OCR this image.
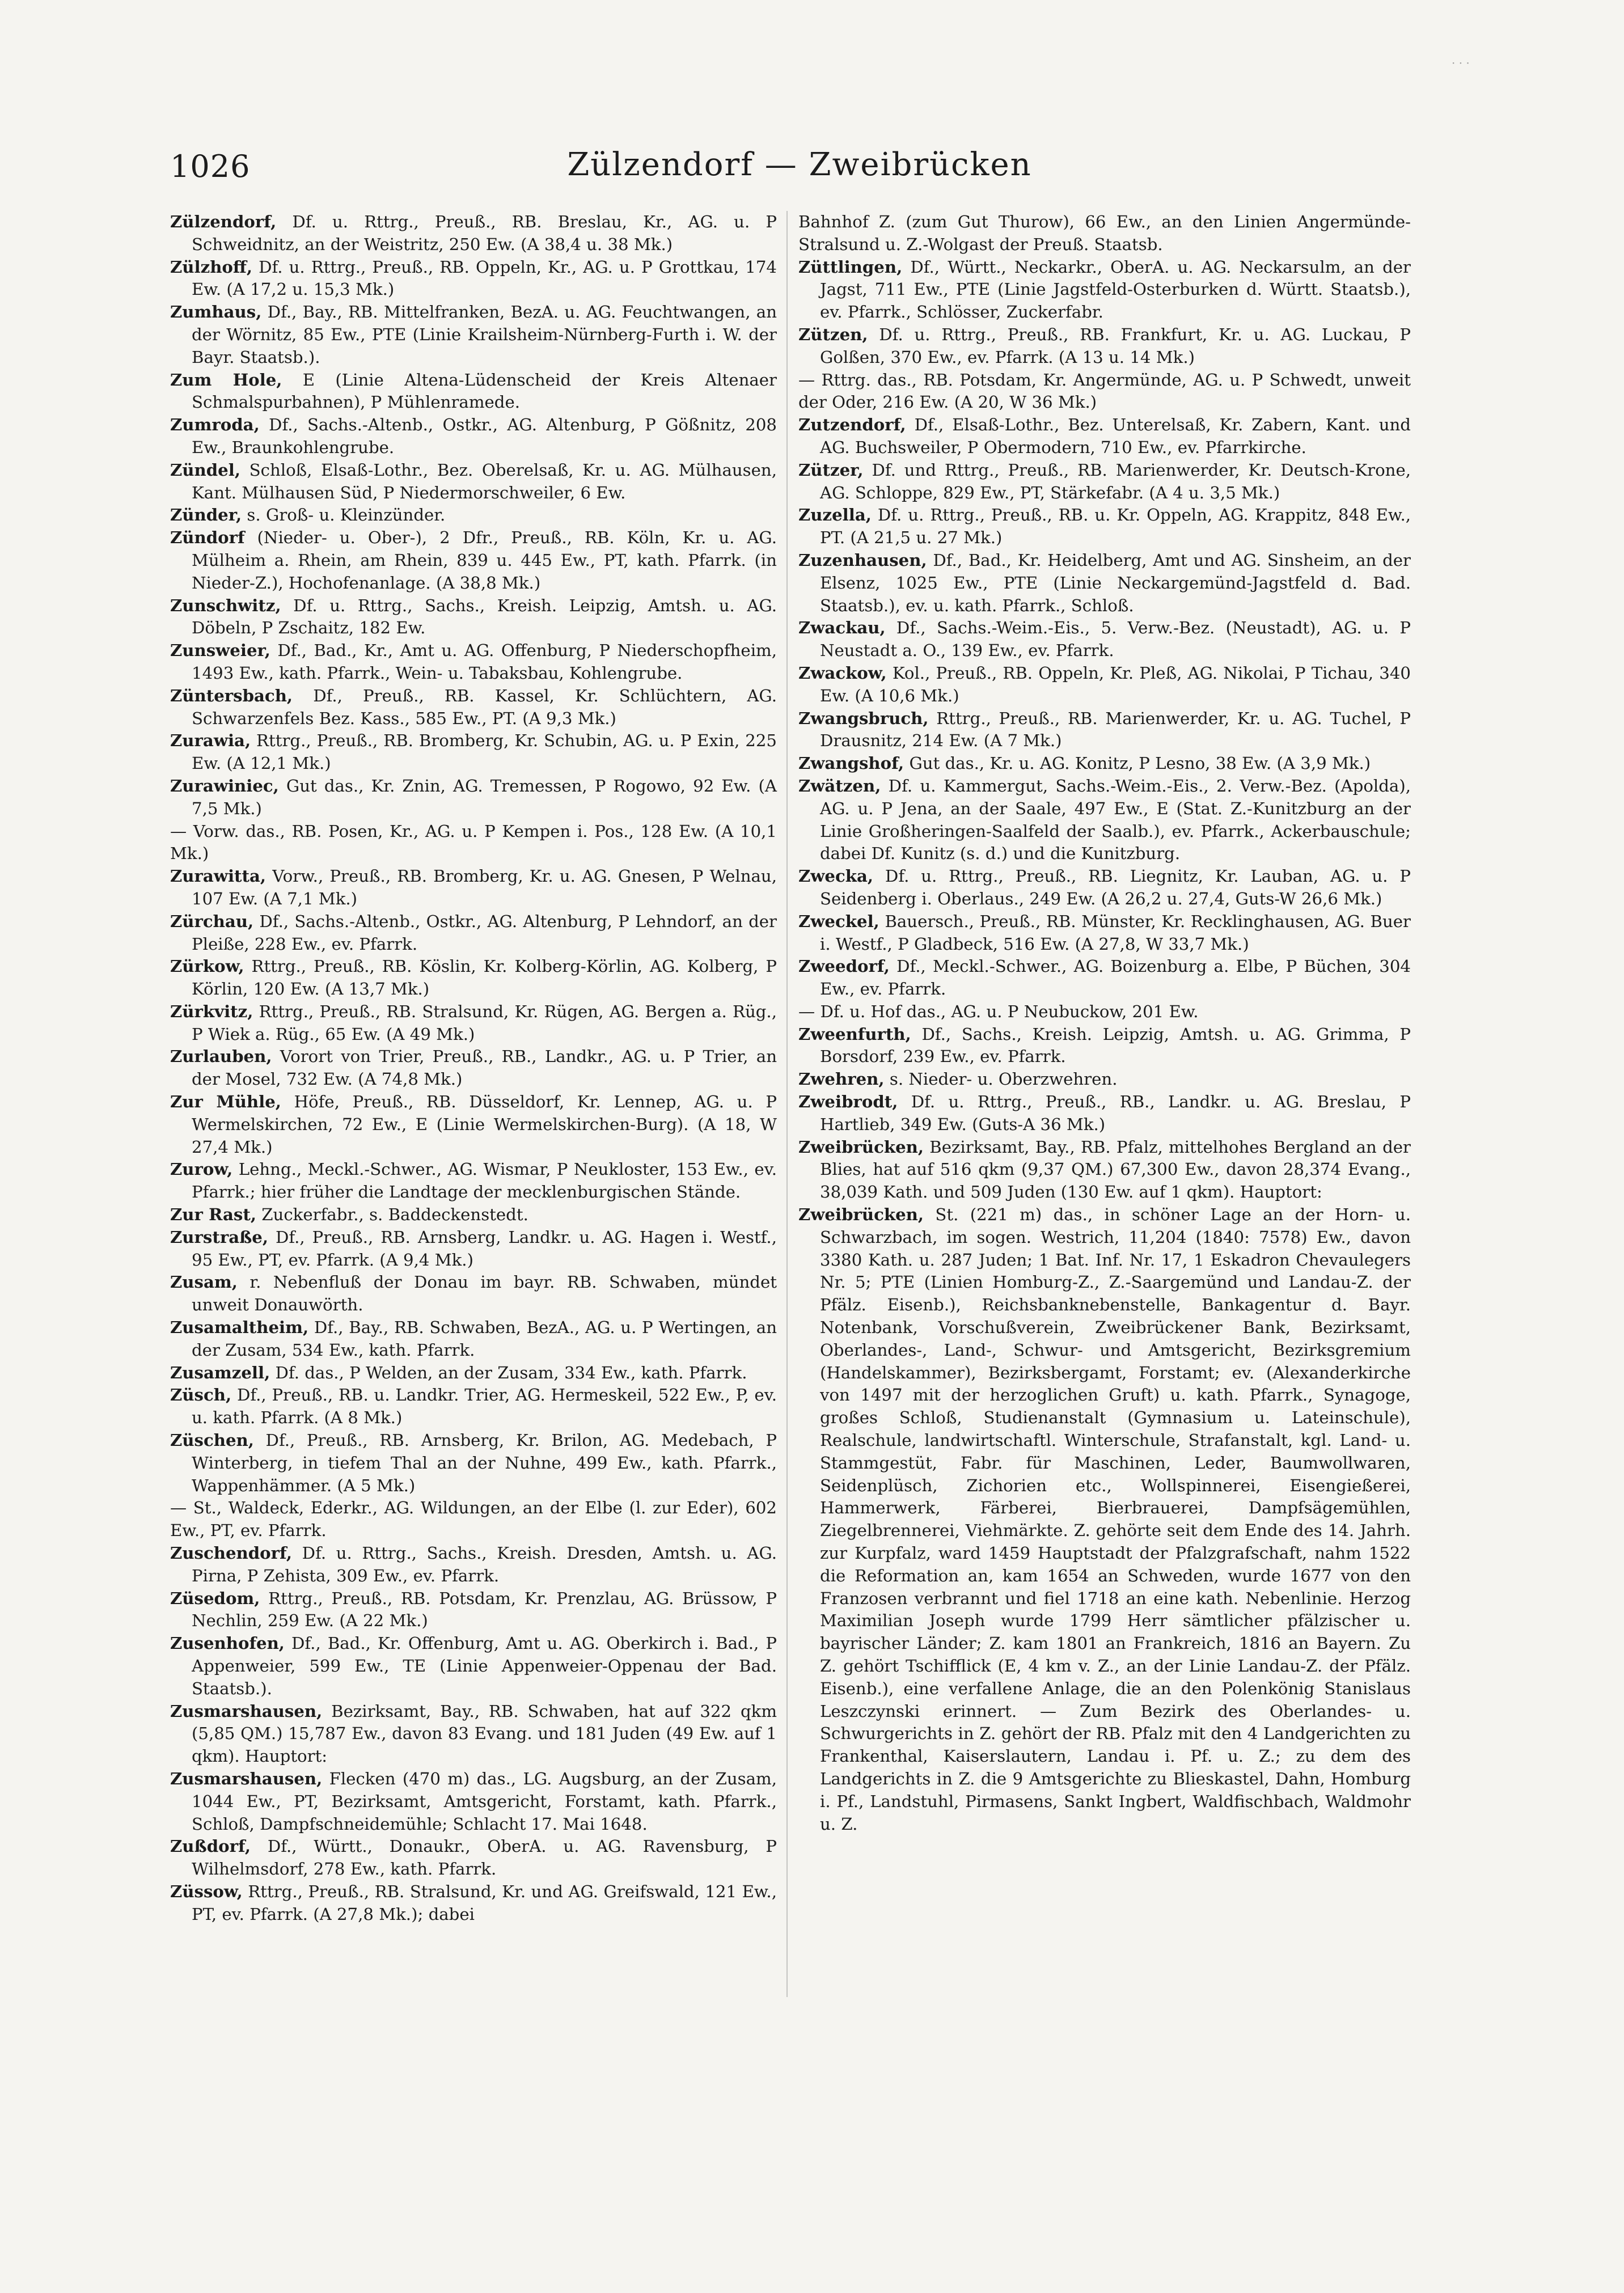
1026	Zülzendorf — Zweibrücken
· · ·

Zülzendorf, Df. u. Rttrg., Preuß., RB. Breslau, Kr., AG. u. P Schweidnitz, an der Weistritz, 250 Ew. (A 38,4 u. 38 Mk.)

Zülzhoff, Df. u. Rttrg., Preuß., RB. Oppeln, Kr., AG. u. P Grottkau, 174 Ew. (A 17,2 u. 15,3 Mk.)

Zumhaus, Df., Bay., RB. Mittelfranken, BezA. u. AG. Feuchtwangen, an der Wörnitz, 85 Ew., PTE (Linie Krailsheim-Nürnberg-Furth i. W. der Bayr. Staatsb.).

Zum Hole, E (Linie Altena-Lüdenscheid der Kreis Altenaer Schmalspurbahnen), P Mühlenramede.

Zumroda, Df., Sachs.-Altenb., Ostkr., AG. Altenburg, P Gößnitz, 208 Ew., Braunkohlengrube.

Zündel, Schloß, Elsaß-Lothr., Bez. Oberelsaß, Kr. u. AG. Mülhausen, Kant. Mülhausen Süd, P Niedermorschweiler, 6 Ew.

Zünder, s. Groß- u. Kleinzünder.

Zündorf (Nieder- u. Ober-), 2 Dfr., Preuß., RB. Köln, Kr. u. AG. Mülheim a. Rhein, am Rhein, 839 u. 445 Ew., PT, kath. Pfarrk. (in Nieder-Z.), Hochofenanlage. (A 38,8 Mk.)

Zunschwitz, Df. u. Rttrg., Sachs., Kreish. Leipzig, Amtsh. u. AG. Döbeln, P Zschaitz, 182 Ew.

Zunsweier, Df., Bad., Kr., Amt u. AG. Offenburg, P Niederschopfheim, 1493 Ew., kath. Pfarrk., Wein- u. Tabaksbau, Kohlengrube.

Züntersbach, Df., Preuß., RB. Kassel, Kr. Schlüchtern, AG. Schwarzenfels Bez. Kass., 585 Ew., PT. (A 9,3 Mk.)

Zurawia, Rttrg., Preuß., RB. Bromberg, Kr. Schubin, AG. u. P Exin, 225 Ew. (A 12,1 Mk.)

Zurawiniec, Gut das., Kr. Znin, AG. Tremessen, P Rogowo, 92 Ew. (A 7,5 Mk.)

— Vorw. das., RB. Posen, Kr., AG. u. P Kempen i. Pos., 128 Ew. (A 10,1 Mk.)

Zurawitta, Vorw., Preuß., RB. Bromberg, Kr. u. AG. Gnesen, P Welnau, 107 Ew. (A 7,1 Mk.)

Zürchau, Df., Sachs.-Altenb., Ostkr., AG. Altenburg, P Lehndorf, an der Pleiße, 228 Ew., ev. Pfarrk.

Zürkow, Rttrg., Preuß., RB. Köslin, Kr. Kolberg-Körlin, AG. Kolberg, P Körlin, 120 Ew. (A 13,7 Mk.)

Zürkvitz, Rttrg., Preuß., RB. Stralsund, Kr. Rügen, AG. Bergen a. Rüg., P Wiek a. Rüg., 65 Ew. (A 49 Mk.)

Zurlauben, Vorort von Trier, Preuß., RB., Landkr., AG. u. P Trier, an der Mosel, 732 Ew. (A 74,8 Mk.)

Zur Mühle, Höfe, Preuß., RB. Düsseldorf, Kr. Lennep, AG. u. P Wermelskirchen, 72 Ew., E (Linie Wermelskirchen-Burg). (A 18, W 27,4 Mk.)

Zurow, Lehng., Meckl.-Schwer., AG. Wismar, P Neukloster, 153 Ew., ev. Pfarrk.; hier früher die Landtage der mecklenburgischen Stände.

Zur Rast, Zuckerfabr., s. Baddeckenstedt.

Zurstraße, Df., Preuß., RB. Arnsberg, Landkr. u. AG. Hagen i. Westf., 95 Ew., PT, ev. Pfarrk. (A 9,4 Mk.)

Zusam, r. Nebenfluß der Donau im bayr. RB. Schwaben, mündet unweit Donauwörth.

Zusamaltheim, Df., Bay., RB. Schwaben, BezA., AG. u. P Wertingen, an der Zusam, 534 Ew., kath. Pfarrk.

Zusamzell, Df. das., P Welden, an der Zusam, 334 Ew., kath. Pfarrk.

Züsch, Df., Preuß., RB. u. Landkr. Trier, AG. Hermeskeil, 522 Ew., P, ev. u. kath. Pfarrk. (A 8 Mk.)

Züschen, Df., Preuß., RB. Arnsberg, Kr. Brilon, AG. Medebach, P Winterberg, in tiefem Thal an der Nuhne, 499 Ew., kath. Pfarrk., Wappenhämmer. (A 5 Mk.)

— St., Waldeck, Ederkr., AG. Wildungen, an der Elbe (l. zur Eder), 602 Ew., PT, ev. Pfarrk.

Zuschendorf, Df. u. Rttrg., Sachs., Kreish. Dresden, Amtsh. u. AG. Pirna, P Zehista, 309 Ew., ev. Pfarrk.

Züsedom, Rttrg., Preuß., RB. Potsdam, Kr. Prenzlau, AG. Brüssow, P Nechlin, 259 Ew. (A 22 Mk.)

Zusenhofen, Df., Bad., Kr. Offenburg, Amt u. AG. Oberkirch i. Bad., P Appenweier, 599 Ew., TE (Linie Appenweier-Oppenau der Bad. Staatsb.).

Zusmarshausen, Bezirksamt, Bay., RB. Schwaben, hat auf 322 qkm (5,85 QM.) 15,787 Ew., davon 83 Evang. und 181 Juden (49 Ew. auf 1 qkm). Hauptort:

Zusmarshausen, Flecken (470 m) das., LG. Augsburg, an der Zusam, 1044 Ew., PT, Bezirksamt, Amtsgericht, Forstamt, kath. Pfarrk., Schloß, Dampfschneidemühle; Schlacht 17. Mai 1648.

Zußdorf, Df., Württ., Donaukr., OberA. u. AG. Ravensburg, P Wilhelmsdorf, 278 Ew., kath. Pfarrk.

Züssow, Rttrg., Preuß., RB. Stralsund, Kr. und AG. Greifswald, 121 Ew., PT, ev. Pfarrk. (A 27,8 Mk.); dabei

Bahnhof Z. (zum Gut Thurow), 66 Ew., an den Linien Angermünde-Stralsund u. Z.-Wolgast der Preuß. Staatsb.

Züttlingen, Df., Württ., Neckarkr., OberA. u. AG. Neckarsulm, an der Jagst, 711 Ew., PTE (Linie Jagstfeld-Osterburken d. Württ. Staatsb.), ev. Pfarrk., Schlösser, Zuckerfabr.

Zützen, Df. u. Rttrg., Preuß., RB. Frankfurt, Kr. u. AG. Luckau, P Golßen, 370 Ew., ev. Pfarrk. (A 13 u. 14 Mk.)

— Rttrg. das., RB. Potsdam, Kr. Angermünde, AG. u. P Schwedt, unweit der Oder, 216 Ew. (A 20, W 36 Mk.)

Zutzendorf, Df., Elsaß-Lothr., Bez. Unterelsaß, Kr. Zabern, Kant. und AG. Buchsweiler, P Obermodern, 710 Ew., ev. Pfarrkirche.

Zützer, Df. und Rttrg., Preuß., RB. Marienwerder, Kr. Deutsch-Krone, AG. Schloppe, 829 Ew., PT, Stärkefabr. (A 4 u. 3,5 Mk.)

Zuzella, Df. u. Rttrg., Preuß., RB. u. Kr. Oppeln, AG. Krappitz, 848 Ew., PT. (A 21,5 u. 27 Mk.)

Zuzenhausen, Df., Bad., Kr. Heidelberg, Amt und AG. Sinsheim, an der Elsenz, 1025 Ew., PTE (Linie Neckargemünd-Jagstfeld d. Bad. Staatsb.), ev. u. kath. Pfarrk., Schloß.

Zwackau, Df., Sachs.-Weim.-Eis., 5. Verw.-Bez. (Neustadt), AG. u. P Neustadt a. O., 139 Ew., ev. Pfarrk.

Zwackow, Kol., Preuß., RB. Oppeln, Kr. Pleß, AG. Nikolai, P Tichau, 340 Ew. (A 10,6 Mk.)

Zwangsbruch, Rttrg., Preuß., RB. Marienwerder, Kr. u. AG. Tuchel, P Drausnitz, 214 Ew. (A 7 Mk.)

Zwangshof, Gut das., Kr. u. AG. Konitz, P Lesno, 38 Ew. (A 3,9 Mk.)

Zwätzen, Df. u. Kammergut, Sachs.-Weim.-Eis., 2. Verw.-Bez. (Apolda), AG. u. P Jena, an der Saale, 497 Ew., E (Stat. Z.-Kunitzburg an der Linie Großheringen-Saalfeld der Saalb.), ev. Pfarrk., Ackerbauschule; dabei Df. Kunitz (s. d.) und die Kunitzburg.

Zwecka, Df. u. Rttrg., Preuß., RB. Liegnitz, Kr. Lauban, AG. u. P Seidenberg i. Oberlaus., 249 Ew. (A 26,2 u. 27,4, Guts-W 26,6 Mk.)

Zweckel, Bauersch., Preuß., RB. Münster, Kr. Recklinghausen, AG. Buer i. Westf., P Gladbeck, 516 Ew. (A 27,8, W 33,7 Mk.)

Zweedorf, Df., Meckl.-Schwer., AG. Boizenburg a. Elbe, P Büchen, 304 Ew., ev. Pfarrk.

— Df. u. Hof das., AG. u. P Neubuckow, 201 Ew.

Zweenfurth, Df., Sachs., Kreish. Leipzig, Amtsh. u. AG. Grimma, P Borsdorf, 239 Ew., ev. Pfarrk.

Zwehren, s. Nieder- u. Oberzwehren.

Zweibrodt, Df. u. Rttrg., Preuß., RB., Landkr. u. AG. Breslau, P Hartlieb, 349 Ew. (Guts-A 36 Mk.)

Zweibrücken, Bezirksamt, Bay., RB. Pfalz, mittelhohes Bergland an der Blies, hat auf 516 qkm (9,37 QM.) 67,300 Ew., davon 28,374 Evang., 38,039 Kath. und 509 Juden (130 Ew. auf 1 qkm). Hauptort:

Zweibrücken, St. (221 m) das., in schöner Lage an der Horn- u. Schwarzbach, im sogen. Westrich, 11,204 (1840: 7578) Ew., davon 3380 Kath. u. 287 Juden; 1 Bat. Inf. Nr. 17, 1 Eskadron Chevaulegers Nr. 5; PTE (Linien Homburg-Z., Z.-Saargemünd und Landau-Z. der Pfälz. Eisenb.), Reichsbanknebenstelle, Bankagentur d. Bayr. Notenbank, Vorschußverein, Zweibrückener Bank, Bezirksamt, Oberlandes-, Land-, Schwur- und Amtsgericht, Bezirksgremium (Handelskammer), Bezirksbergamt, Forstamt; ev. (Alexanderkirche von 1497 mit der herzoglichen Gruft) u. kath. Pfarrk., Synagoge, großes Schloß, Studienanstalt (Gymnasium u. Lateinschule), Realschule, landwirtschaftl. Winterschule, Strafanstalt, kgl. Land- u. Stammgestüt, Fabr. für Maschinen, Leder, Baumwollwaren, Seidenplüsch, Zichorien etc., Wollspinnerei, Eisengießerei, Hammerwerk, Färberei, Bierbrauerei, Dampfsägemühlen, Ziegelbrennerei, Viehmärkte. Z. gehörte seit dem Ende des 14. Jahrh. zur Kurpfalz, ward 1459 Hauptstadt der Pfalzgrafschaft, nahm 1522 die Reformation an, kam 1654 an Schweden, wurde 1677 von den Franzosen verbrannt und fiel 1718 an eine kath. Nebenlinie. Herzog Maximilian Joseph wurde 1799 Herr sämtlicher pfälzischer u. bayrischer Länder; Z. kam 1801 an Frankreich, 1816 an Bayern. Zu Z. gehört Tschifflick (E, 4 km v. Z., an der Linie Landau-Z. der Pfälz. Eisenb.), eine verfallene Anlage, die an den Polenkönig Stanislaus Leszczynski erinnert. — Zum Bezirk des Oberlandes- u. Schwurgerichts in Z. gehört der RB. Pfalz mit den 4 Landgerichten zu Frankenthal, Kaiserslautern, Landau i. Pf. u. Z.; zu dem des Landgerichts in Z. die 9 Amtsgerichte zu Blieskastel, Dahn, Homburg i. Pf., Landstuhl, Pirmasens, Sankt Ingbert, Waldfischbach, Waldmohr u. Z.
